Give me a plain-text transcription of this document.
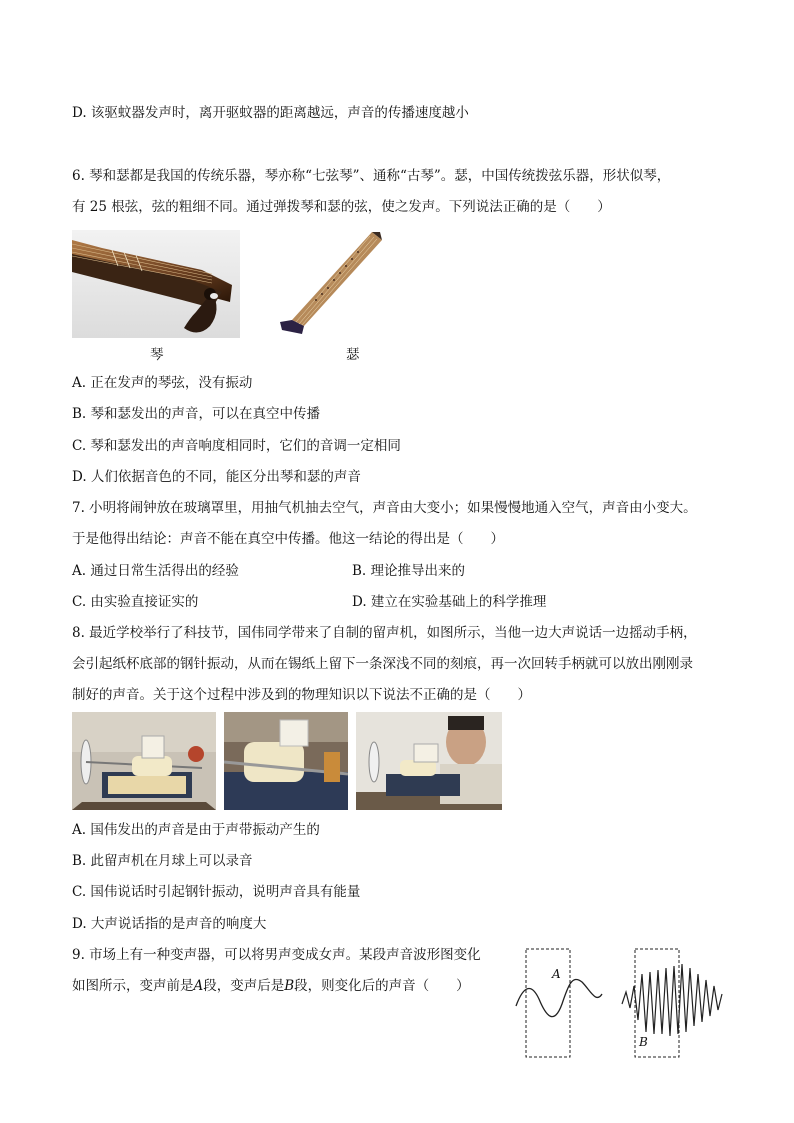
D. 该驱蚊器发声时，离开驱蚊器的距离越远，声音的传播速度越小
6. 琴和瑟都是我国的传统乐器，琴亦称“七弦琴”、通称“古琴”。瑟，中国传统拨弦乐器，形状似琴，
有 25 根弦，弦的粗细不同。通过弹拨琴和瑟的弦，使之发声。下列说法正确的是（　　）
琴	瑟
A. 正在发声的琴弦，没有振动
B. 琴和瑟发出的声音，可以在真空中传播
C. 琴和瑟发出的声音响度相同时，它们的音调一定相同
D. 人们依据音色的不同，能区分出琴和瑟的声音
7. 小明将闹钟放在玻璃罩里，用抽气机抽去空气，声音由大变小；如果慢慢地通入空气，声音由小变大。
于是他得出结论：声音不能在真空中传播。他这一结论的得出是（　　）
A. 通过日常生活得出的经验	B. 理论推导出来的
C. 由实验直接证实的	D. 建立在实验基础上的科学推理
8. 最近学校举行了科技节，国伟同学带来了自制的留声机，如图所示，当他一边大声说话一边摇动手柄，
会引起纸杯底部的钢针振动，从而在锡纸上留下一条深浅不同的刻痕，再一次回转手柄就可以放出刚刚录
制好的声音。关于这个过程中涉及到的物理知识以下说法不正确的是（　　）
A. 国伟发出的声音是由于声带振动产生的
B. 此留声机在月球上可以录音
C. 国伟说话时引起钢针振动，说明声音具有能量
D. 大声说话指的是声音的响度大
9. 市场上有一种变声器，可以将男声变成女声。某段声音波形图变化
如图所示，变声前是A段，变声后是B段，则变化后的声音（　　）
A
B
